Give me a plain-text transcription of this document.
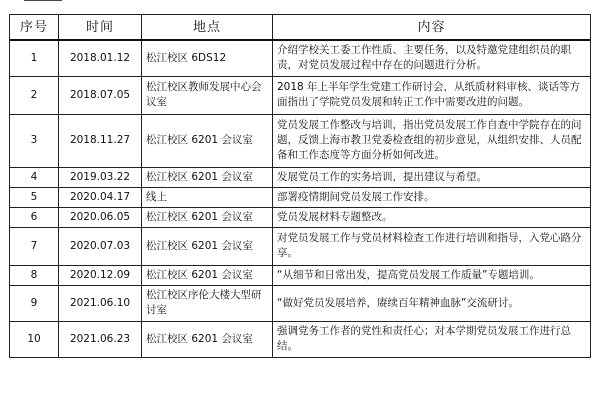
序号	时间	地点	内容
1	2018.01.12	松江校区 6DS12	介绍学校关工委工作性质、主要任务，以及特邀党建组织员的职责，对党员发展过程中存在的问题进行分析。
2	2018.07.05	松江校区教师发展中心会议室	2018 年上半年学生党建工作研讨会，从纸质材料审核、谈话等方面指出了学院党员发展和转正工作中需要改进的问题。
3	2018.11.27	松江校区 6201 会议室	党员发展工作整改与培训，指出党员发展工作自查中学院存在的问题，反馈上海市教卫党委检查组的初步意见，从组织安排、人员配备和工作态度等方面分析如何改进。
4	2019.03.22	松江校区 6201 会议室	发展党员工作的实务培训，提出建议与希望。
5	2020.04.17	线上	部署疫情期间党员发展工作安排。
6	2020.06.05	松江校区 6201 会议室	党员发展材料专题整改。
7	2020.07.03	松江校区 6201 会议室	对党员发展工作与党员材料检查工作进行培训和指导，入党心路分享。
8	2020.12.09	松江校区 6201 会议室	“从细节和日常出发，提高党员发展工作质量”专题培训。
9	2021.06.10	松江校区序伦大楼大型研讨室	“做好党员发展培养，赓续百年精神血脉”交流研讨。
10	2021.06.23	松江校区 6201 会议室	强调党务工作者的党性和责任心；对本学期党员发展工作进行总结。
